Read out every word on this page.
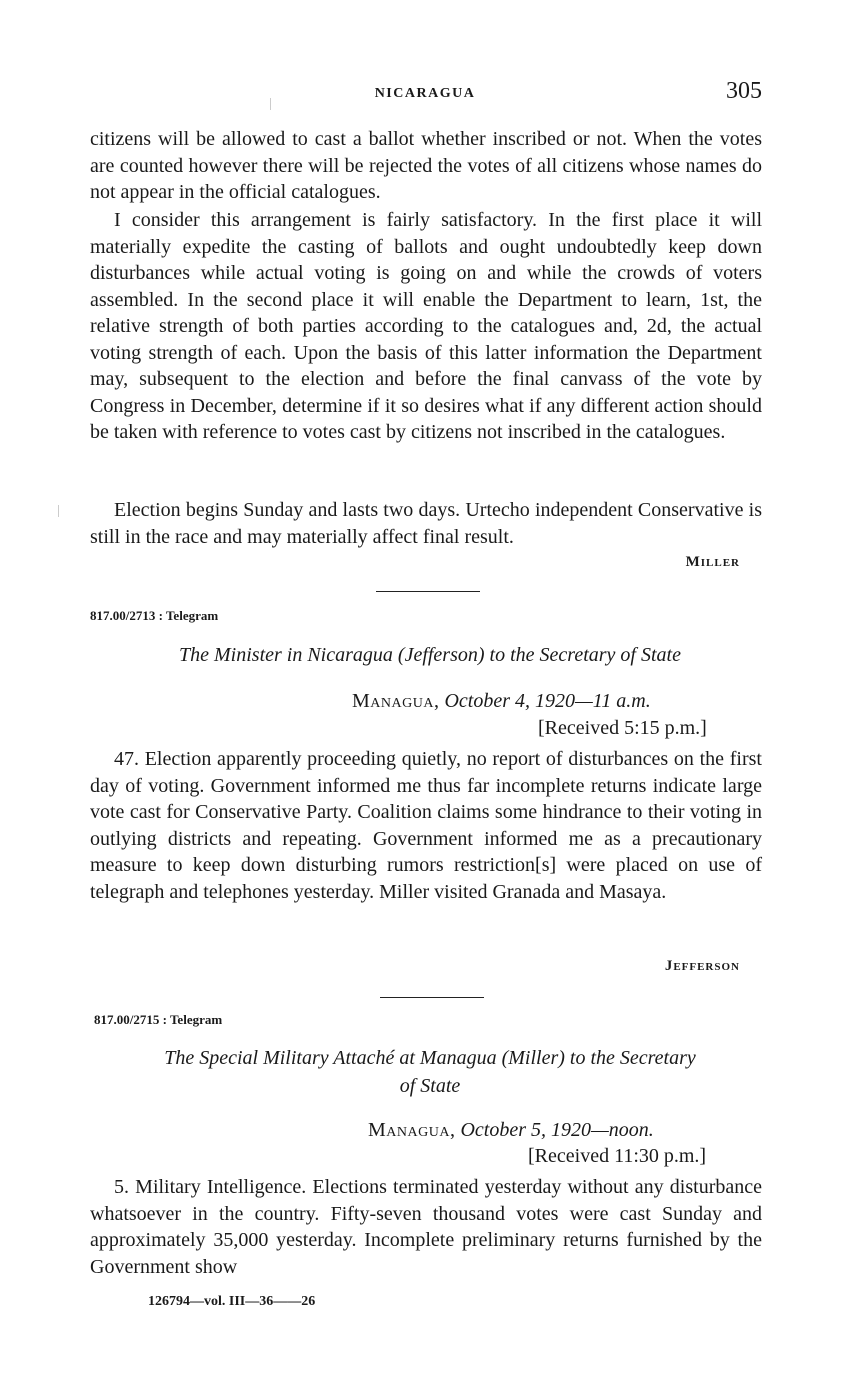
NICARAGUA	305

citizens will be allowed to cast a ballot whether inscribed or not. When the votes are counted however there will be rejected the votes of all citizens whose names do not appear in the official catalogues.

I consider this arrangement is fairly satisfactory. In the first place it will materially expedite the casting of ballots and ought undoubtedly keep down disturbances while actual voting is going on and while the crowds of voters assembled. In the second place it will enable the Department to learn, 1st, the relative strength of both parties according to the catalogues and, 2d, the actual voting strength of each. Upon the basis of this latter information the Department may, subsequent to the election and before the final canvass of the vote by Congress in December, determine if it so desires what if any different action should be taken with reference to votes cast by citizens not inscribed in the catalogues.

Election begins Sunday and lasts two days. Urtecho independent Conservative is still in the race and may materially affect final result.

Miller
817.00/2713 : Telegram
The Minister in Nicaragua (Jefferson) to the Secretary of State
Managua, October 4, 1920—11 a.m.
[Received 5:15 p.m.]

47. Election apparently proceeding quietly, no report of disturbances on the first day of voting. Government informed me thus far incomplete returns indicate large vote cast for Conservative Party. Coalition claims some hindrance to their voting in outlying districts and repeating. Government informed me as a precautionary measure to keep down disturbing rumors restriction[s] were placed on use of telegraph and telephones yesterday. Miller visited Granada and Masaya.

Jefferson
817.00/2715 : Telegram
The Special Military Attaché at Managua (Miller) to the Secretary
of State
Managua, October 5, 1920—noon.
[Received 11:30 p.m.]

5. Military Intelligence. Elections terminated yesterday without any disturbance whatsoever in the country. Fifty-seven thousand votes were cast Sunday and approximately 35,000 yesterday. Incomplete preliminary returns furnished by the Government show

126794—vol. III—36——26
